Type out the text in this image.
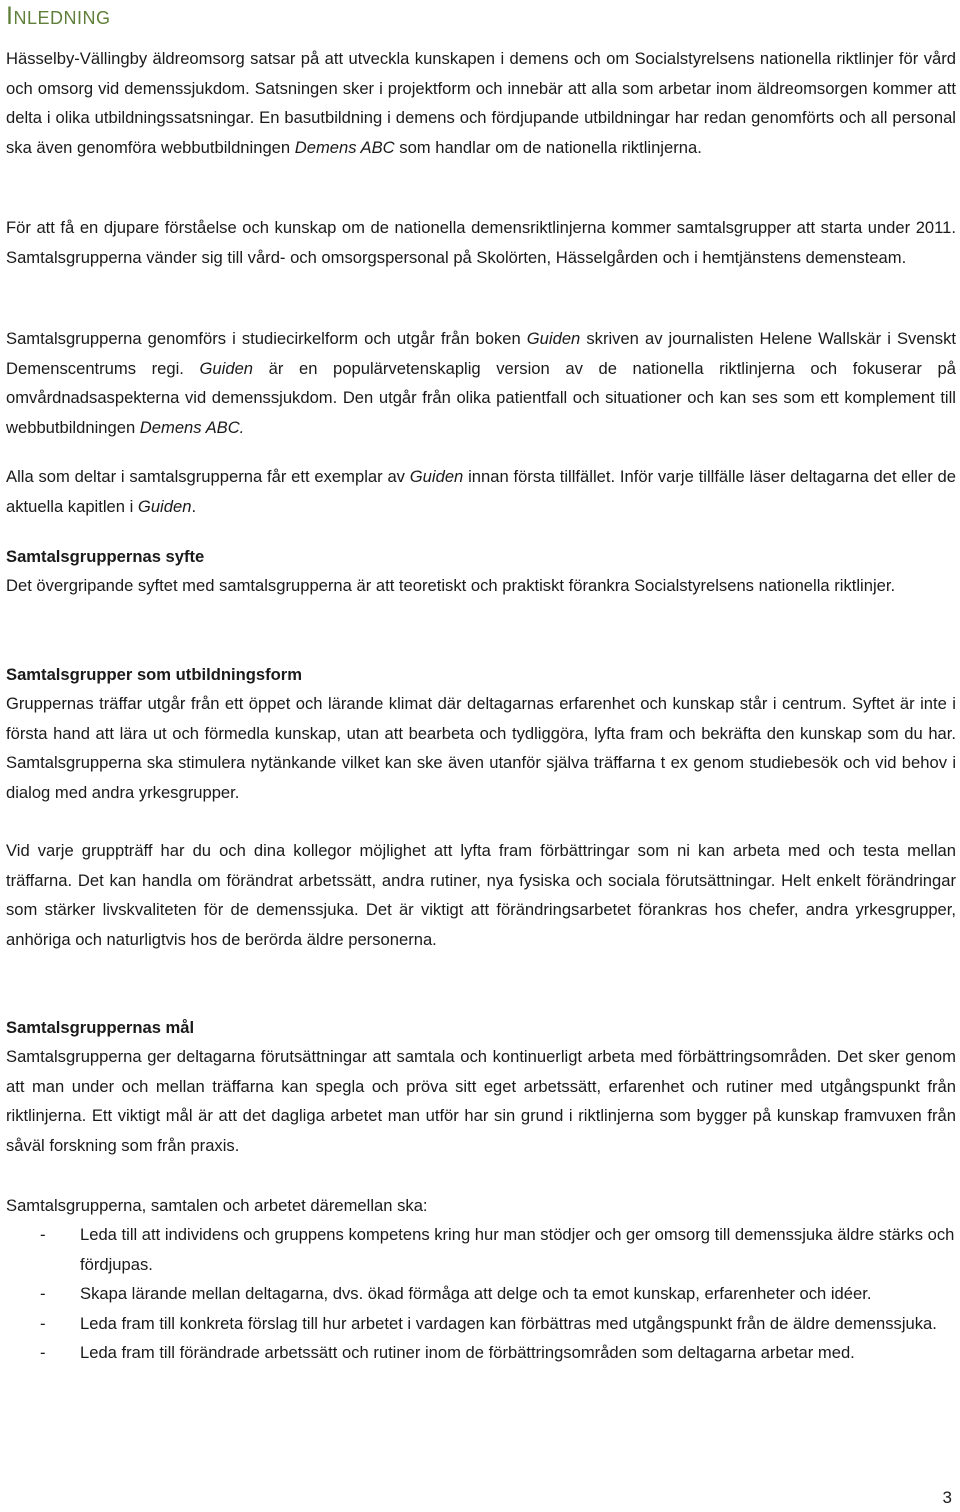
Inledning

Hässelby-Vällingby äldreomsorg satsar på att utveckla kunskapen i demens och om Socialstyrelsens nationella riktlinjer för vård och omsorg vid demenssjukdom. Satsningen sker i projektform och innebär att alla som arbetar inom äldreomsorgen kommer att delta i olika utbildningssatsningar. En basutbildning i demens och fördjupande utbildningar har redan genomförts och all personal ska även genomföra webbutbildningen Demens ABC som handlar om de nationella riktlinjerna.

För att få en djupare förståelse och kunskap om de nationella demensriktlinjerna kommer samtalsgrupper att starta under 2011. Samtalsgrupperna vänder sig till vård- och omsorgspersonal på Skolörten, Hässelgården och i hemtjänstens demensteam.

Samtalsgrupperna genomförs i studiecirkelform och utgår från boken Guiden skriven av journalisten Helene Wallskär i Svenskt Demenscentrums regi. Guiden är en populärvetenskaplig version av de nationella riktlinjerna och fokuserar på omvårdnadsaspekterna vid demenssjukdom. Den utgår från olika patientfall och situationer och kan ses som ett komplement till webbutbildningen Demens ABC.

Alla som deltar i samtalsgrupperna får ett exemplar av Guiden innan första tillfället. Inför varje tillfälle läser deltagarna det eller de aktuella kapitlen i Guiden.

Samtalsgruppernas syfte

Det övergripande syftet med samtalsgrupperna är att teoretiskt och praktiskt förankra Socialstyrelsens nationella riktlinjer.

Samtalsgrupper som utbildningsform

Gruppernas träffar utgår från ett öppet och lärande klimat där deltagarnas erfarenhet och kunskap står i centrum. Syftet är inte i första hand att lära ut och förmedla kunskap, utan att bearbeta och tydliggöra, lyfta fram och bekräfta den kunskap som du har. Samtalsgrupperna ska stimulera nytänkande vilket kan ske även utanför själva träffarna t ex genom studiebesök och vid behov i dialog med andra yrkesgrupper.

Vid varje gruppträff har du och dina kollegor möjlighet att lyfta fram förbättringar som ni kan arbeta med och testa mellan träffarna. Det kan handla om förändrat arbetssätt, andra rutiner, nya fysiska och sociala förutsättningar. Helt enkelt förändringar som stärker livskvaliteten för de demenssjuka. Det är viktigt att förändringsarbetet förankras hos chefer, andra yrkesgrupper, anhöriga och naturligtvis hos de berörda äldre personerna.

Samtalsgruppernas mål

Samtalsgrupperna ger deltagarna förutsättningar att samtala och kontinuerligt arbeta med förbättringsområden. Det sker genom att man under och mellan träffarna kan spegla och pröva sitt eget arbetssätt, erfarenhet och rutiner med utgångspunkt från riktlinjerna. Ett viktigt mål är att det dagliga arbetet man utför har sin grund i riktlinjerna som bygger på kunskap framvuxen från såväl forskning som från praxis.

Samtalsgrupperna, samtalen och arbetet däremellan ska:

- Leda till att individens och gruppens kompetens kring hur man stödjer och ger omsorg till demenssjuka äldre stärks och fördjupas.
- Skapa lärande mellan deltagarna, dvs. ökad förmåga att delge och ta emot kunskap, erfarenheter och idéer.
- Leda fram till konkreta förslag till hur arbetet i vardagen kan förbättras med utgångspunkt från de äldre demenssjuka.
- Leda fram till förändrade arbetssätt och rutiner inom de förbättringsområden som deltagarna arbetar med.
3
